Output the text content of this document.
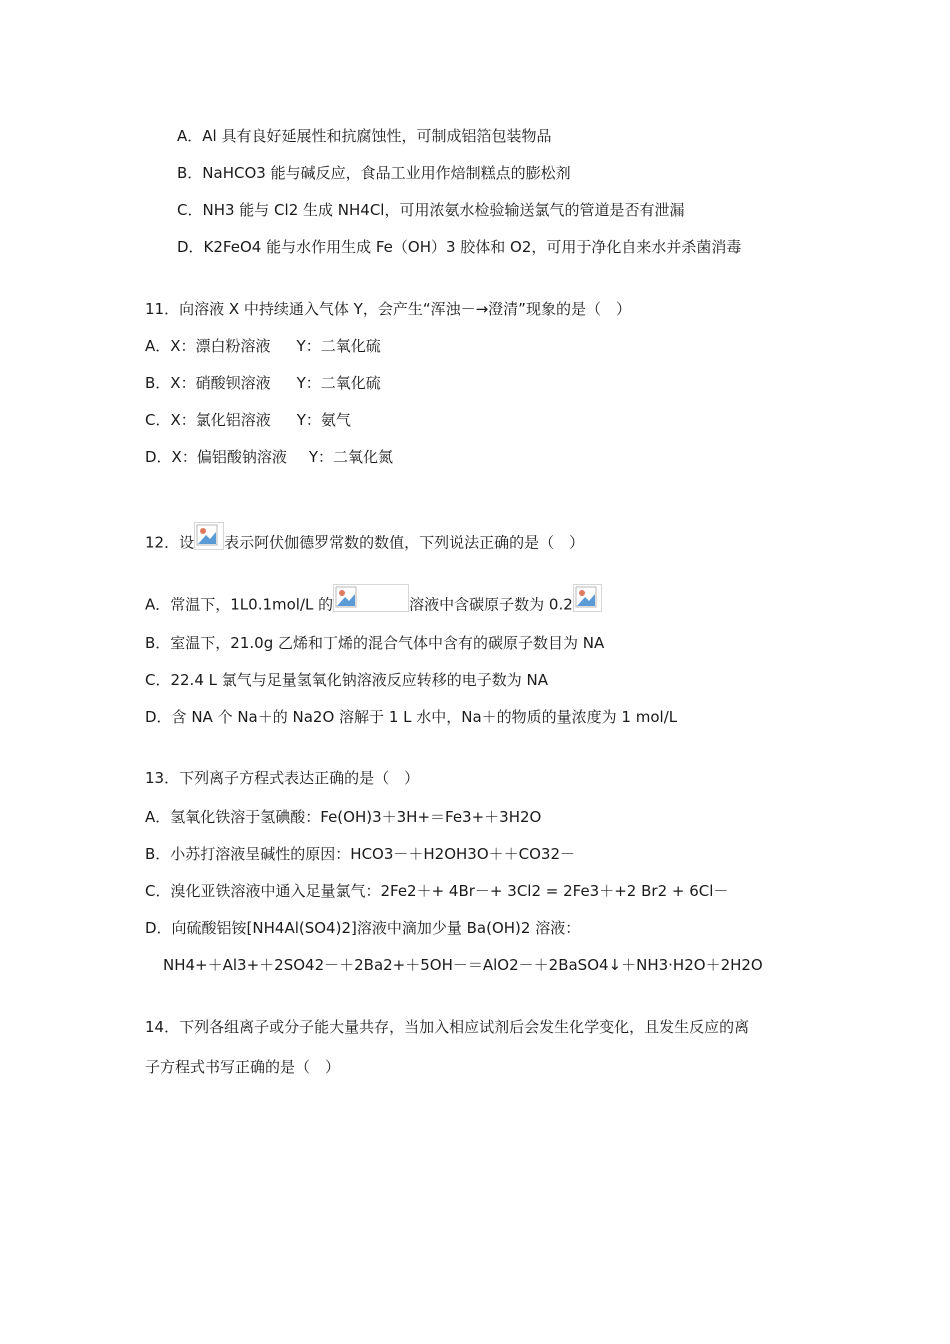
A．Al 具有良好延展性和抗腐蚀性，可制成铝箔包装物品
B．NaHCO3 能与碱反应，食品工业用作焙制糕点的膨松剂
C．NH3 能与 Cl2 生成 NH4Cl，可用浓氨水检验输送氯气的管道是否有泄漏
D．K2FeO4 能与水作用生成 Fe（OH）3 胶体和 O2，可用于净化自来水并杀菌消毒
11．向溶液 X 中持续通入气体 Y，会产生“浑浊－→澄清”现象的是（　）
A．X：漂白粉溶液 Y：二氧化硫
B．X：硝酸钡溶液 Y：二氧化硫
C．X：氯化铝溶液 Y：氨气
D．X：偏铝酸钠溶液 Y：二氧化氮
12．设 表示阿伏伽德罗常数的数值，下列说法正确的是（　）
A．常温下，1L0.1mol/L 的	溶液中含碳原子数为 0.2
B．室温下，21.0g 乙烯和丁烯的混合气体中含有的碳原子数目为 NA
C．22.4 L 氯气与足量氢氧化钠溶液反应转移的电子数为 NA
D．含 NA 个 Na＋的 Na2O 溶解于 1 L 水中，Na＋的物质的量浓度为 1 mol/L
13．下列离子方程式表达正确的是（　）
A．氢氧化铁溶于氢碘酸：Fe(OH)3＋3H+＝Fe3+＋3H2O
B．小苏打溶液呈碱性的原因：HCO3－＋H2OH3O＋＋CO32－
C．溴化亚铁溶液中通入足量氯气：2Fe2＋+ 4Br－+ 3Cl2 = 2Fe3＋+2 Br2 + 6Cl－
D．向硫酸铝铵[NH4Al(SO4)2]溶液中滴加少量 Ba(OH)2 溶液：
NH4+＋Al3+＋2SO42－＋2Ba2+＋5OH－＝AlO2－＋2BaSO4↓＋NH3·H2O＋2H2O
14．下列各组离子或分子能大量共存，当加入相应试剂后会发生化学变化，且发生反应的离
子方程式书写正确的是（　）
